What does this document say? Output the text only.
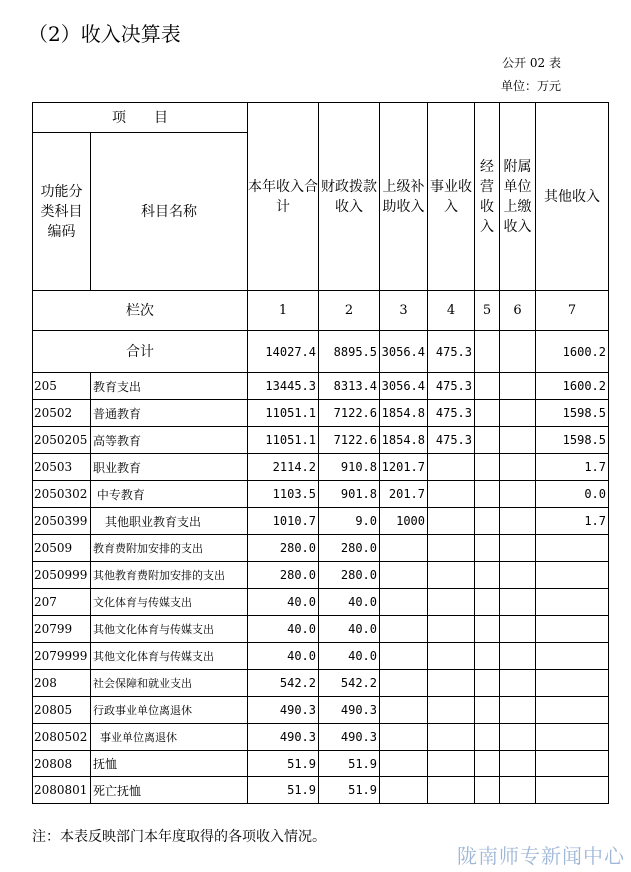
（2）收入决算表
公开 02 表
单位：万元
项　　目		本年收入合计	财政拨款收入	上级补助收入	事业收入	经营收入	附属单位上缴收入	其他收入
功能分类科目编码	科目名称							
栏次		1	2	3	4	5	6	7
合计		14027.4	8895.5	3056.4	475.3			1600.2
205	教育支出	13445.3	8313.4	3056.4	475.3			1600.2
20502	普通教育	11051.1	7122.6	1854.8	475.3			1598.5
2050205	高等教育	11051.1	7122.6	1854.8	475.3			1598.5
20503	职业教育	2114.2	910.8	1201.7				1.7
2050302	中专教育	1103.5	901.8	201.7				0.0
2050399	　其他职业教育支出	1010.7	9.0	1000				1.7
20509	教育费附加安排的支出	280.0	280.0					
2050999	其他教育费附加安排的支出	280.0	280.0					
207	文化体育与传媒支出	40.0	40.0					
20799	其他文化体育与传媒支出	40.0	40.0					
2079999	其他文化体育与传媒支出	40.0	40.0					
208	社会保障和就业支出	542.2	542.2					
20805	行政事业单位离退休	490.3	490.3					
2080502	事业单位离退休	490.3	490.3					
20808	抚恤	51.9	51.9					
2080801	死亡抚恤	51.9	51.9					
注：本表反映部门本年度取得的各项收入情况。
陇南师专新闻中心
